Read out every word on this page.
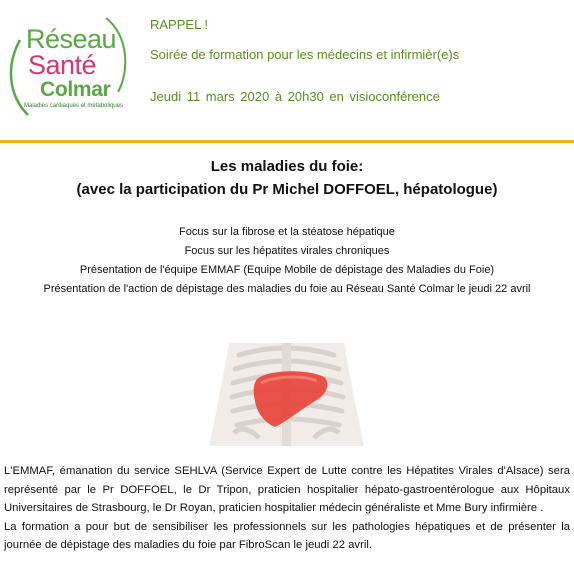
Réseau
Santé
Colmar
Maladies cardiaques et métaboliques
RAPPEL !
Soirée de formation pour les médecins et infirmièr(e)s
Jeudi 11 mars 2020 à 20h30 en visioconférence
Les maladies du foie:
(avec la participation du Pr Michel DOFFOEL, hépatologue)
Focus sur la fibrose et la stéatose hépatique
Focus sur les hépatites virales chroniques
Présentation de l'équipe EMMAF (Equipe Mobile de dépistage des Maladies du Foie)
Présentation de l'action de dépistage des maladies du foie au Réseau Santé Colmar le jeudi 22 avril

L'EMMAF, émanation du service SEHLVA (Service Expert de Lutte contre les Hépatites Virales d'Alsace) sera représenté par le Pr DOFFOEL, le Dr Tripon, praticien hospitalier hépato-gastroentérologue aux Hôpitaux Universitaires de Strasbourg, le Dr Royan, praticien hospitalier médecin généraliste et Mme Bury infirmière .

La formation a pour but de sensibiliser les professionnels sur les pathologies hépatiques et de présenter la journée de dépistage des maladies du foie par FibroScan le jeudi 22 avril.
